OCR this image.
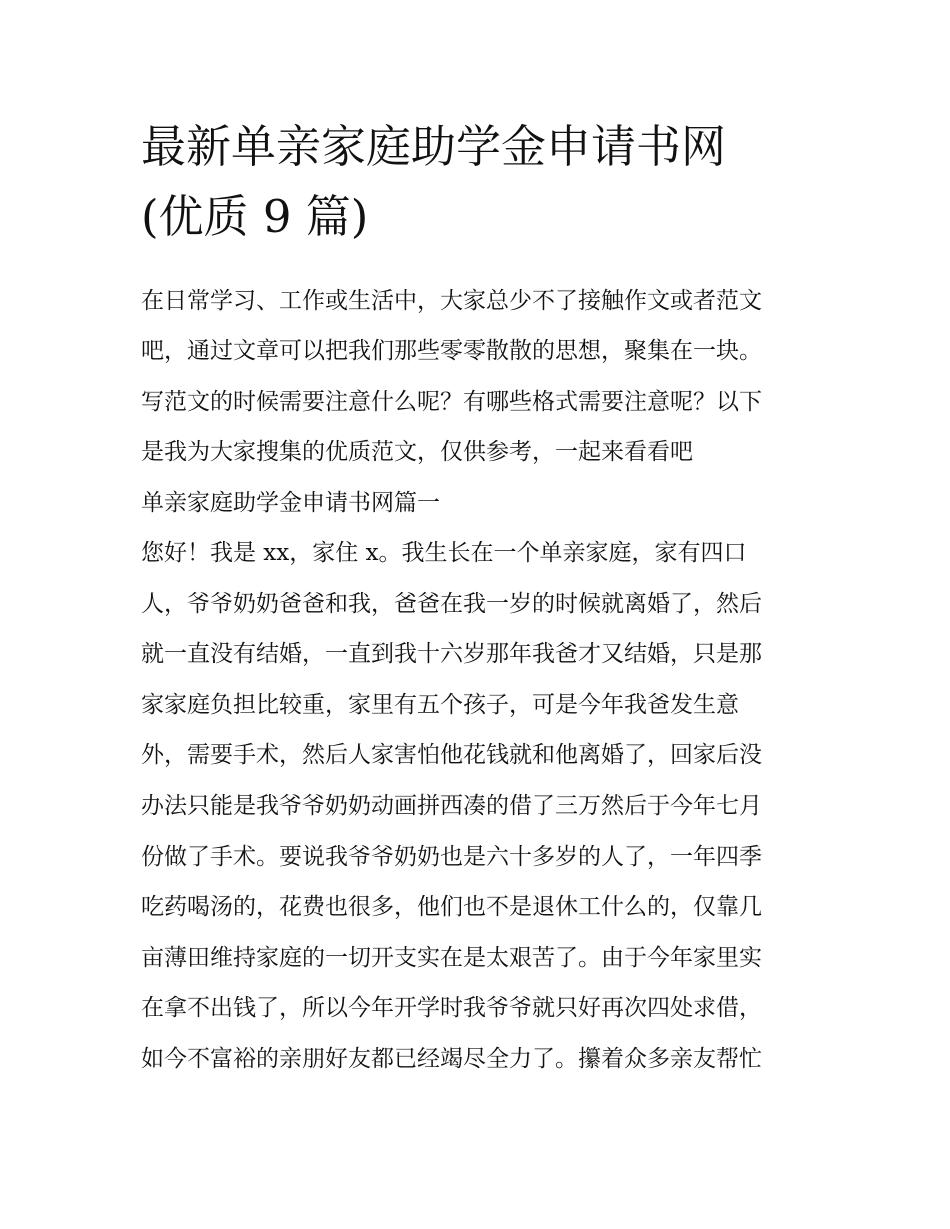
最新单亲家庭助学金申请书网
(优质 9 篇)

在日常学习、工作或生活中，大家总少不了接触作文或者范文

吧，通过文章可以把我们那些零零散散的思想，聚集在一块。

写范文的时候需要注意什么呢？有哪些格式需要注意呢？以下

是我为大家搜集的优质范文，仅供参考，一起来看看吧

单亲家庭助学金申请书网篇一

您好！我是 xx，家住 x。我生长在一个单亲家庭，家有四口

人，爷爷奶奶爸爸和我，爸爸在我一岁的时候就离婚了，然后

就一直没有结婚，一直到我十六岁那年我爸才又结婚，只是那

家家庭负担比较重，家里有五个孩子，可是今年我爸发生意

外，需要手术，然后人家害怕他花钱就和他离婚了，回家后没

办法只能是我爷爷奶奶动画拼西凑的借了三万然后于今年七月

份做了手术。要说我爷爷奶奶也是六十多岁的人了，一年四季

吃药喝汤的，花费也很多，他们也不是退休工什么的，仅靠几

亩薄田维持家庭的一切开支实在是太艰苦了。由于今年家里实

在拿不出钱了，所以今年开学时我爷爷就只好再次四处求借，

如今不富裕的亲朋好友都已经竭尽全力了。攥着众多亲友帮忙
